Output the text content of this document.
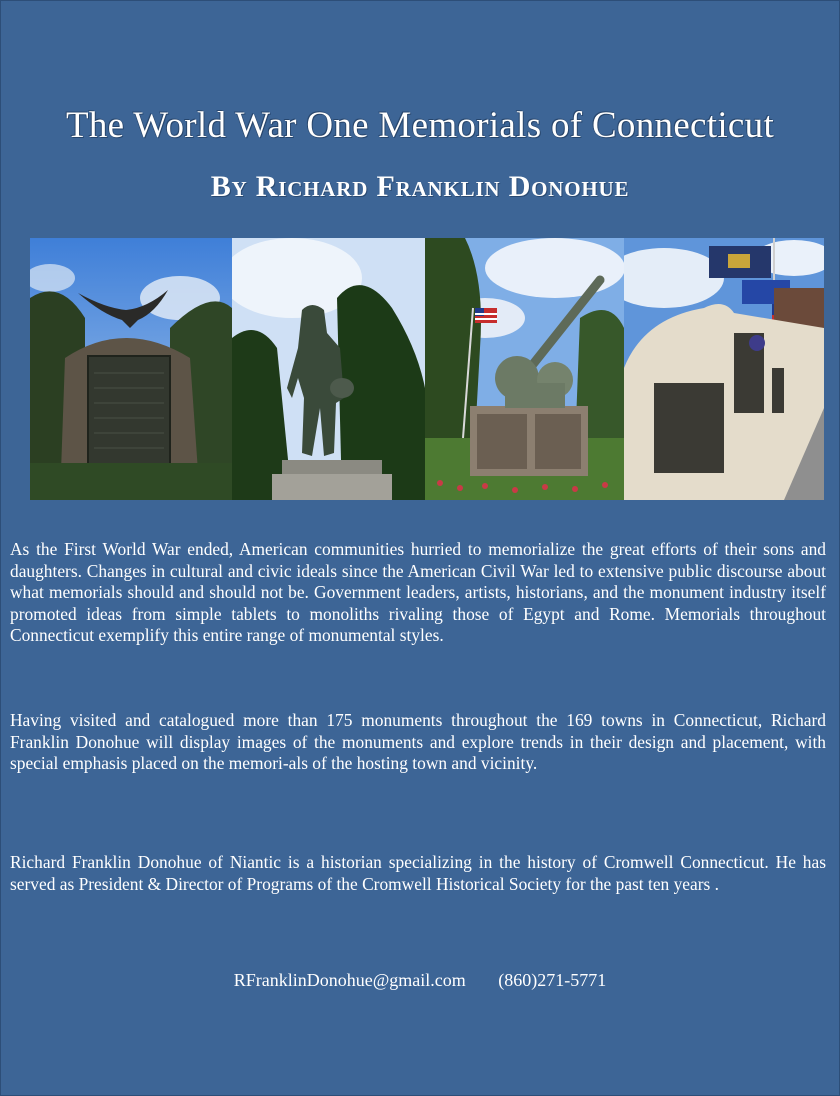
The World War One Memorials of Connecticut
By Richard Franklin Donohue
As the First World War ended, American communities hurried to memorialize the great efforts of their sons and daughters. Changes in cultural and civic ideals since the American Civil War led to extensive public discourse about what memorials should and should not be. Government leaders, artists, historians, and the monument industry itself promoted ideas from simple tablets to monoliths rivaling those of Egypt and Rome. Memorials throughout Connecticut exemplify this entire range of monumental styles.
Having visited and catalogued more than 175 monuments throughout the 169 towns in Connecticut, Richard Franklin Donohue will display images of the monuments and explore trends in their design and placement, with special emphasis placed on the memori-als of the hosting town and vicinity.
Richard Franklin Donohue of Niantic is a historian specializing in the history of Cromwell Connecticut. He has served as President & Director of Programs of the Cromwell Historical Society for the past ten years .
RFranklinDonohue@gmail.com (860)271-5771
